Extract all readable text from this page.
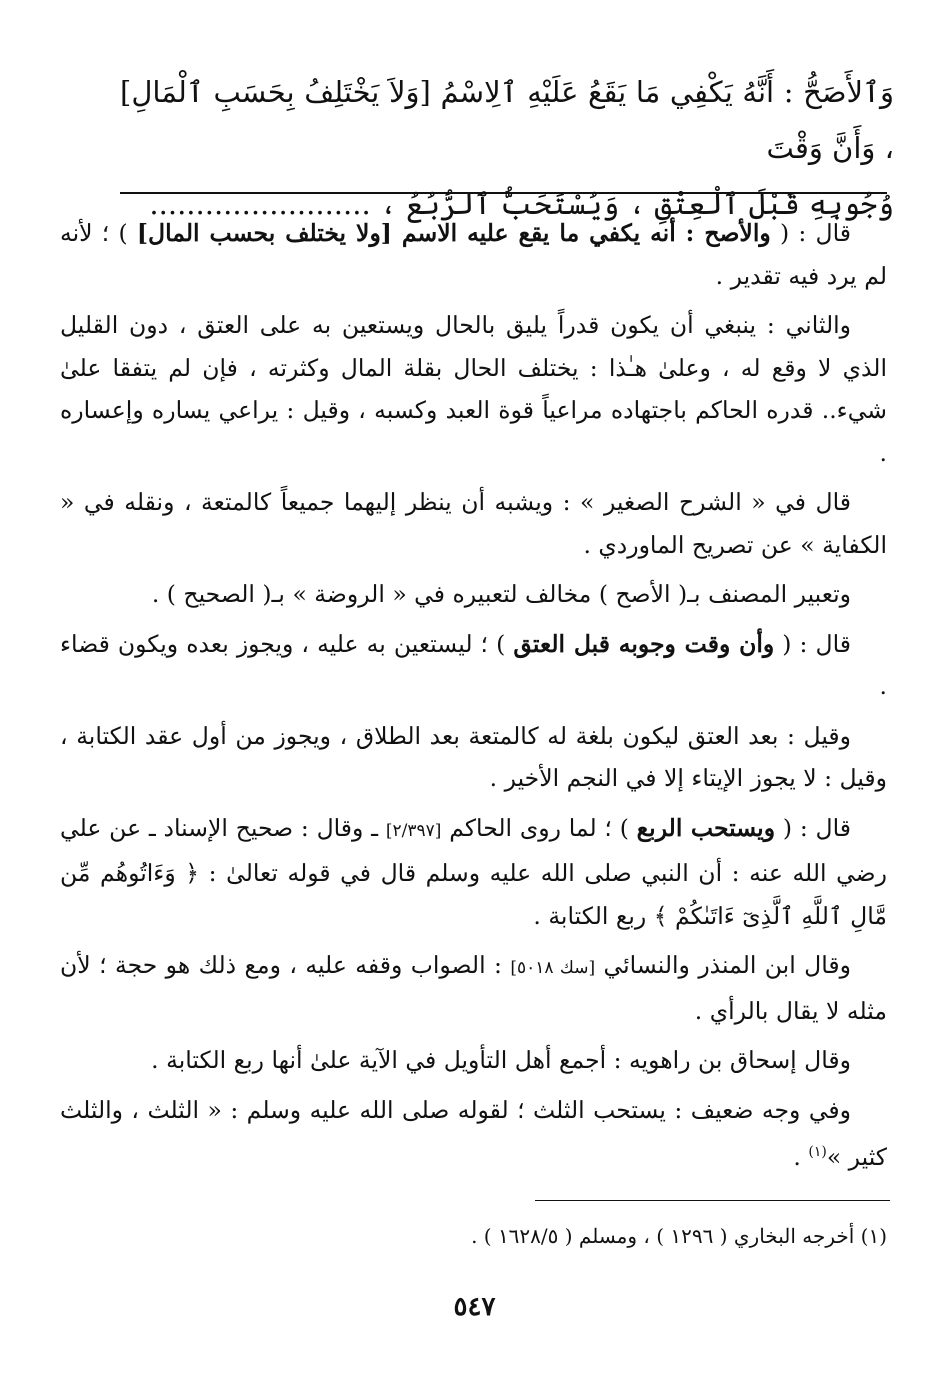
وَٱلأَصَحُّ : أَنَّهُ يَكْفِي مَا يَقَعُ عَلَيْهِ ٱلِاسْمُ [وَلاَ يَخْتَلِفُ بِحَسَبِ ٱلْمَالِ] ، وَأَنَّ وَقْتَ
وُجُوبِهِ قَبْلَ ٱلْعِتْقِ ، وَيُسْتَحَبُّ ٱلرُّبُعُ ، ........................

قال : ( والأصح : أنه يكفي ما يقع عليه الاسم [ولا يختلف بحسب المال] ) ؛ لأنه لم يرد فيه تقدير .

والثاني : ينبغي أن يكون قدراً يليق بالحال ويستعين به على العتق ، دون القليل الذي لا وقع له ، وعلىٰ هـٰذا : يختلف الحال بقلة المال وكثرته ، فإن لم يتفقا علىٰ شيء.. قدره الحاكم باجتهاده مراعياً قوة العبد وكسبه ، وقيل : يراعي يساره وإعساره .

قال في « الشرح الصغير » : ويشبه أن ينظر إليهما جميعاً كالمتعة ، ونقله في « الكفاية » عن تصريح الماوردي .

وتعبير المصنف بـ( الأصح ) مخالف لتعبيره في « الروضة » بـ( الصحيح ) .

قال : ( وأن وقت وجوبه قبل العتق ) ؛ ليستعين به عليه ، ويجوز بعده ويكون قضاء .

وقيل : بعد العتق ليكون بلغة له كالمتعة بعد الطلاق ، ويجوز من أول عقد الكتابة ، وقيل : لا يجوز الإيتاء إلا في النجم الأخير .

قال : ( ويستحب الربع ) ؛ لما روى الحاكم [٢/٣٩٧] ـ وقال : صحيح الإسناد ـ عن علي رضي الله عنه : أن النبي صلى الله عليه وسلم قال في قوله تعالىٰ : ﴿ وَءَاتُوهُم مِّن مَّالِ ٱللَّهِ ٱلَّذِىٓ ءَاتَىٰكُمْ ﴾ ربع الكتابة .

وقال ابن المنذر والنسائي [سك ٥٠١٨] : الصواب وقفه عليه ، ومع ذلك هو حجة ؛ لأن مثله لا يقال بالرأي .

وقال إسحاق بن راهويه : أجمع أهل التأويل في الآية علىٰ أنها ربع الكتابة .

وفي وجه ضعيف : يستحب الثلث ؛ لقوله صلى الله عليه وسلم : « الثلث ، والثلث كثير »$^{(١)}$ .

(١) أخرجه البخاري ( ١٢٩٦ ) ، ومسلم ( ١٦٢٨/٥ ) .
٥٤٧
